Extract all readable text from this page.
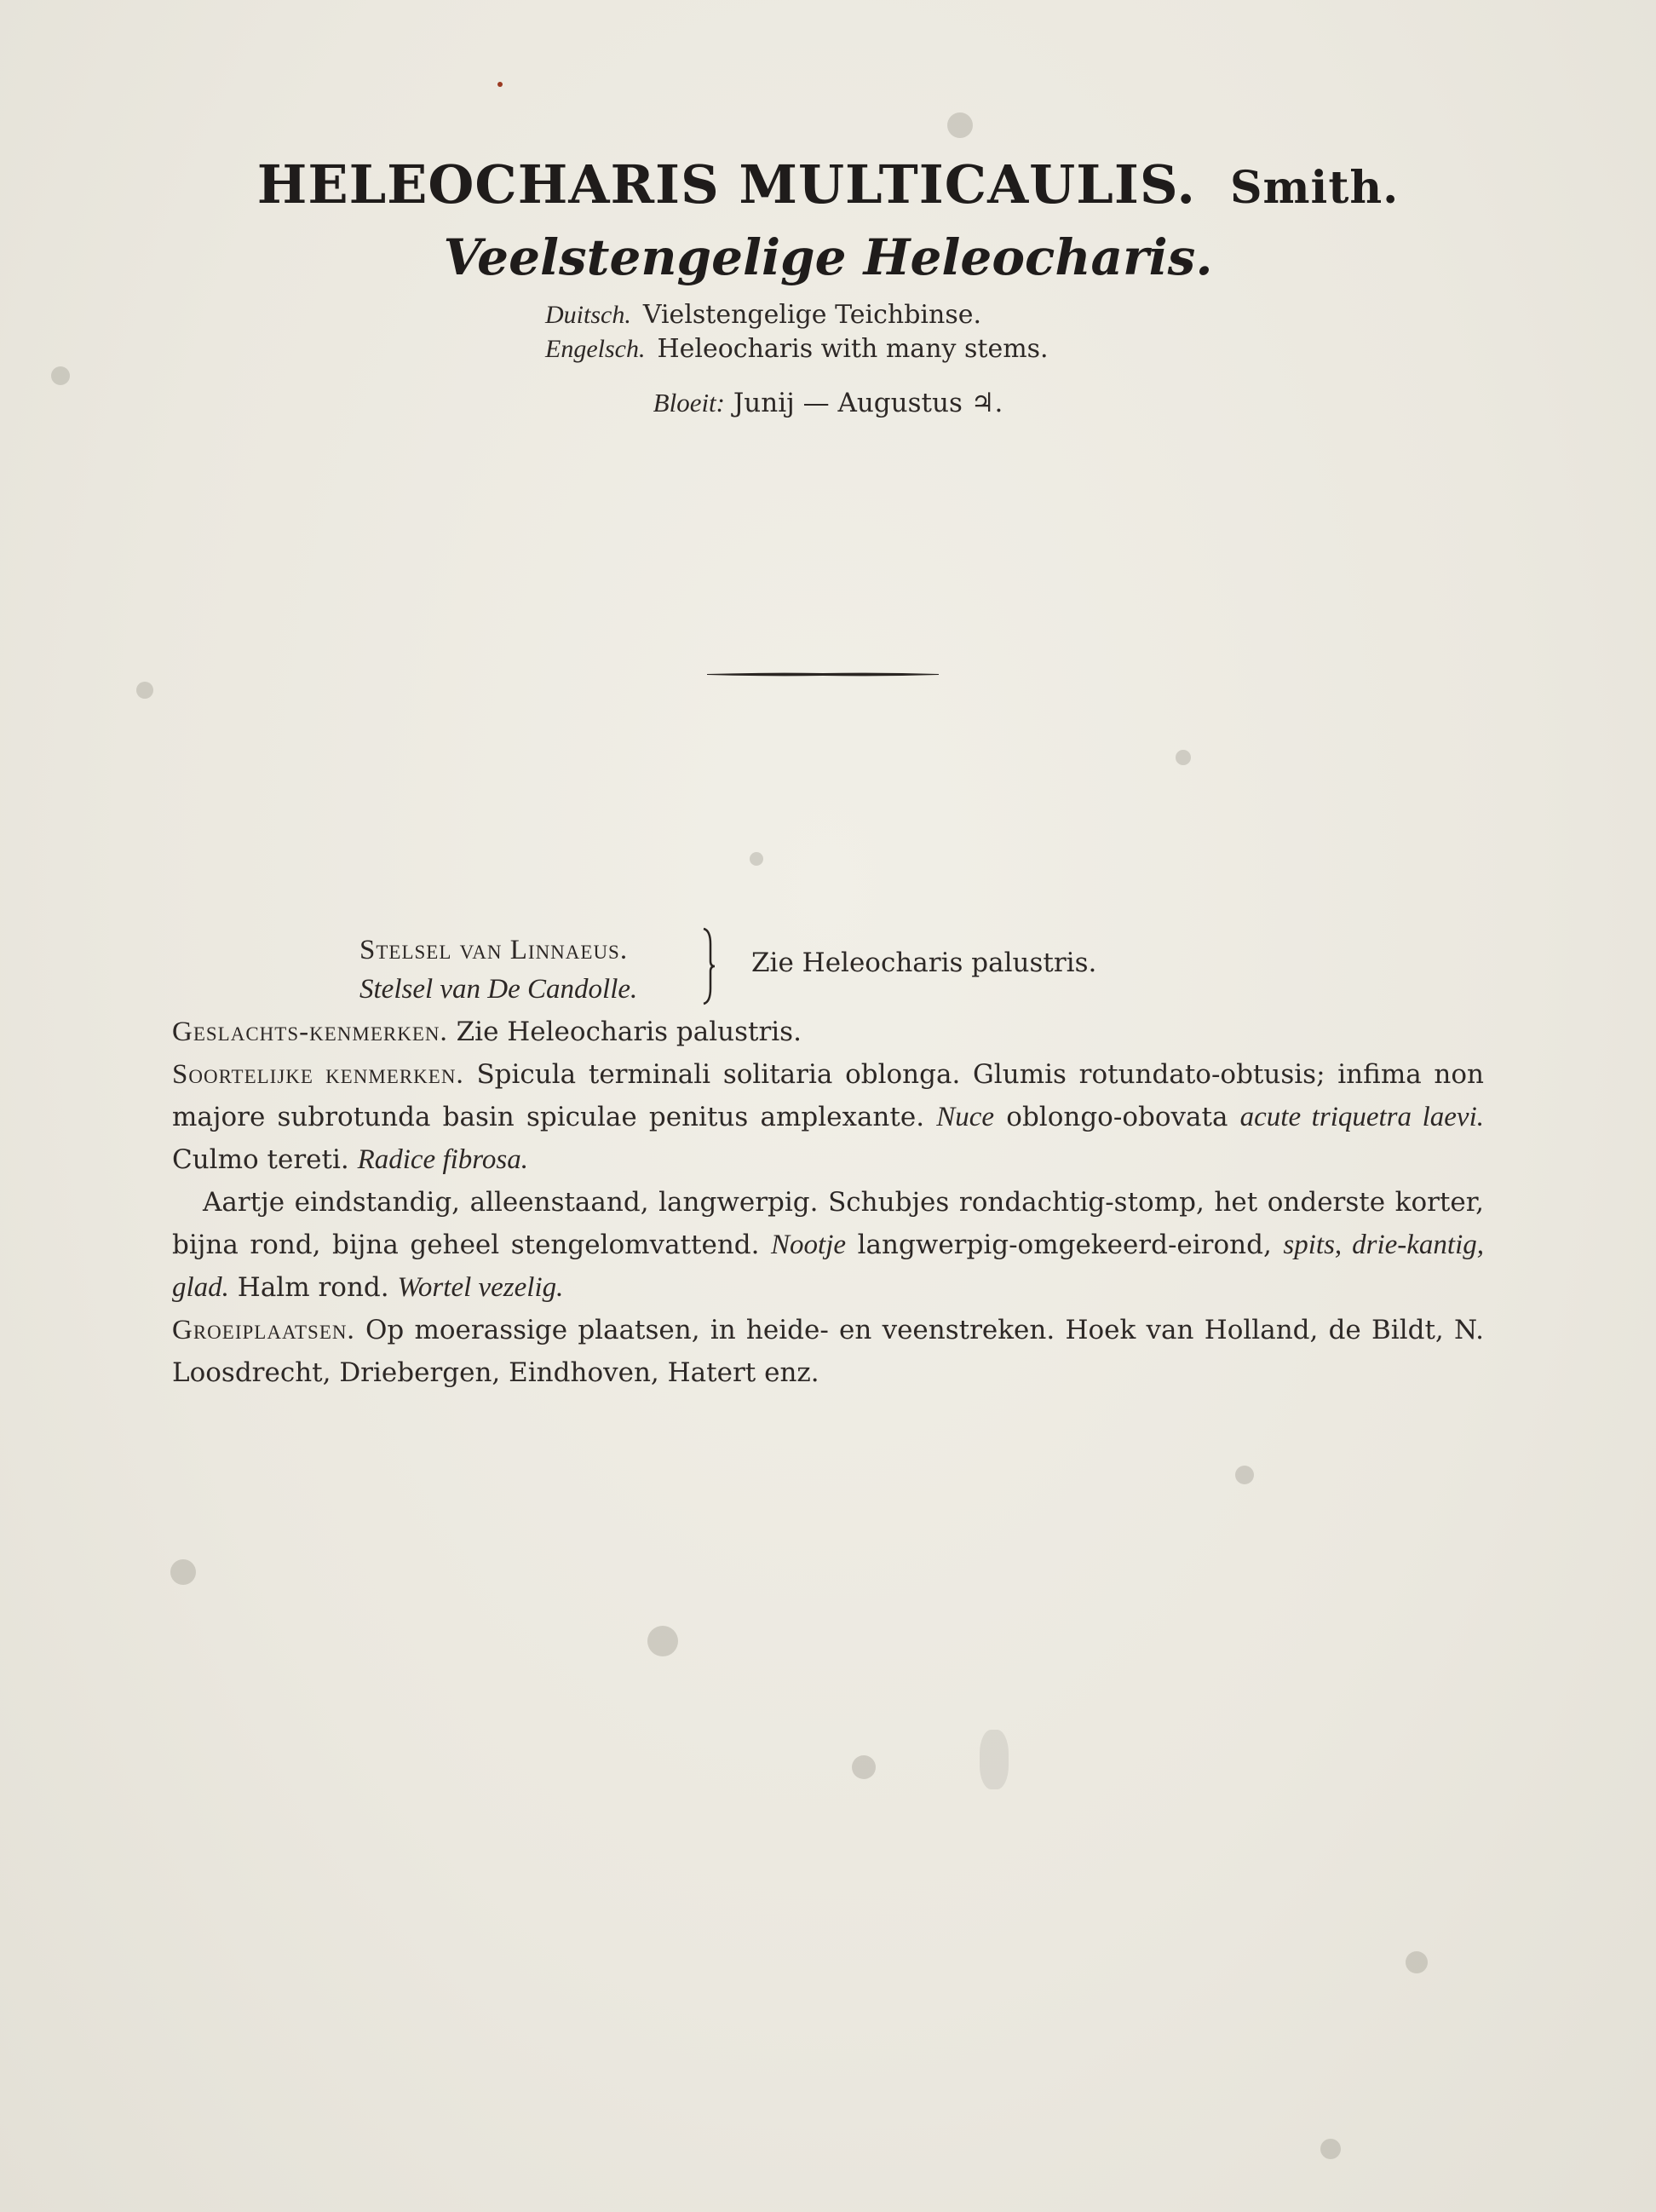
HELEOCHARIS MULTICAULIS. Smith.
Veelstengelige Heleocharis.
Duitsch. Vielstengelige Teichbinse.
Engelsch. Heleocharis with many stems.
Bloeit: Junij — Augustus ♃.
Stelsel van Linnaeus.
Stelsel van De Candolle.
Zie Heleocharis palustris.

Geslachts-kenmerken. Zie Heleocharis palustris.

Soortelijke kenmerken. Spicula terminali solitaria oblonga. Glumis rotundato-obtusis; infima non majore subrotunda basin spiculae penitus amplexante. Nuce oblongo-obovata acute triquetra laevi. Culmo tereti. Radice fibrosa.

Aartje eindstandig, alleenstaand, langwerpig. Schubjes rondachtig-stomp, het onderste korter, bijna rond, bijna geheel stengelomvattend. Nootje langwerpig-omgekeerd-eirond, spits, drie-kantig, glad. Halm rond. Wortel vezelig.

Groeiplaatsen. Op moerassige plaatsen, in heide- en veenstreken. Hoek van Holland, de Bildt, N. Loosdrecht, Driebergen, Eindhoven, Hatert enz.
